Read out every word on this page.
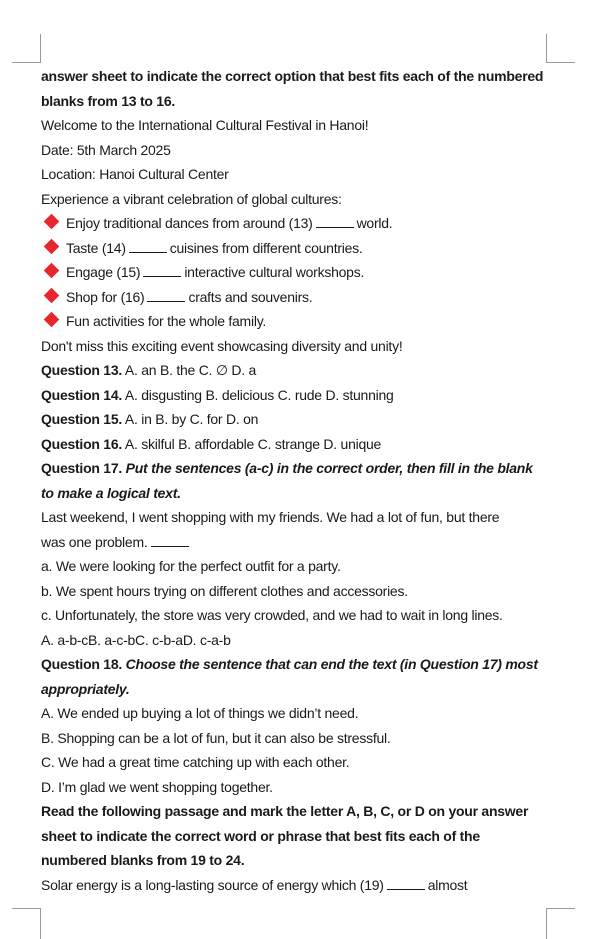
answer sheet to indicate the correct option that best fits each of the numbered
blanks from 13 to 16.
Welcome to the International Cultural Festival in Hanoi!
Date: 5th March 2025
Location: Hanoi Cultural Center
Experience a vibrant celebration of global cultures:
Enjoy traditional dances from around (13)	world.
Taste (14)	cuisines from different countries.
Engage (15)	interactive cultural workshops.
Shop for (16)	crafts and souvenirs.
Fun activities for the whole family.
Don't miss this exciting event showcasing diversity and unity!
Question 13. A. an B. the C. ∅ D. a
Question 14. A. disgusting B. delicious C. rude D. stunning
Question 15. A. in B. by C. for D. on
Question 16. A. skilful B. affordable C. strange D. unique
Question 17. Put the sentences (a-c) in the correct order, then fill in the blank
to make a logical text.
Last weekend, I went shopping with my friends. We had a lot of fun, but there
was one problem.
a. We were looking for the perfect outfit for a party.
b. We spent hours trying on different clothes and accessories.
c. Unfortunately, the store was very crowded, and we had to wait in long lines.
A. a-b-cB. a-c-bC. c-b-aD. c-a-b
Question 18. Choose the sentence that can end the text (in Question 17) most
appropriately.
A. We ended up buying a lot of things we didn’t need.
B. Shopping can be a lot of fun, but it can also be stressful.
C. We had a great time catching up with each other.
D. I’m glad we went shopping together.
Read the following passage and mark the letter A, B, C, or D on your answer
sheet to indicate the correct word or phrase that best fits each of the
numbered blanks from 19 to 24.
Solar energy is a long-lasting source of energy which (19)	almost
